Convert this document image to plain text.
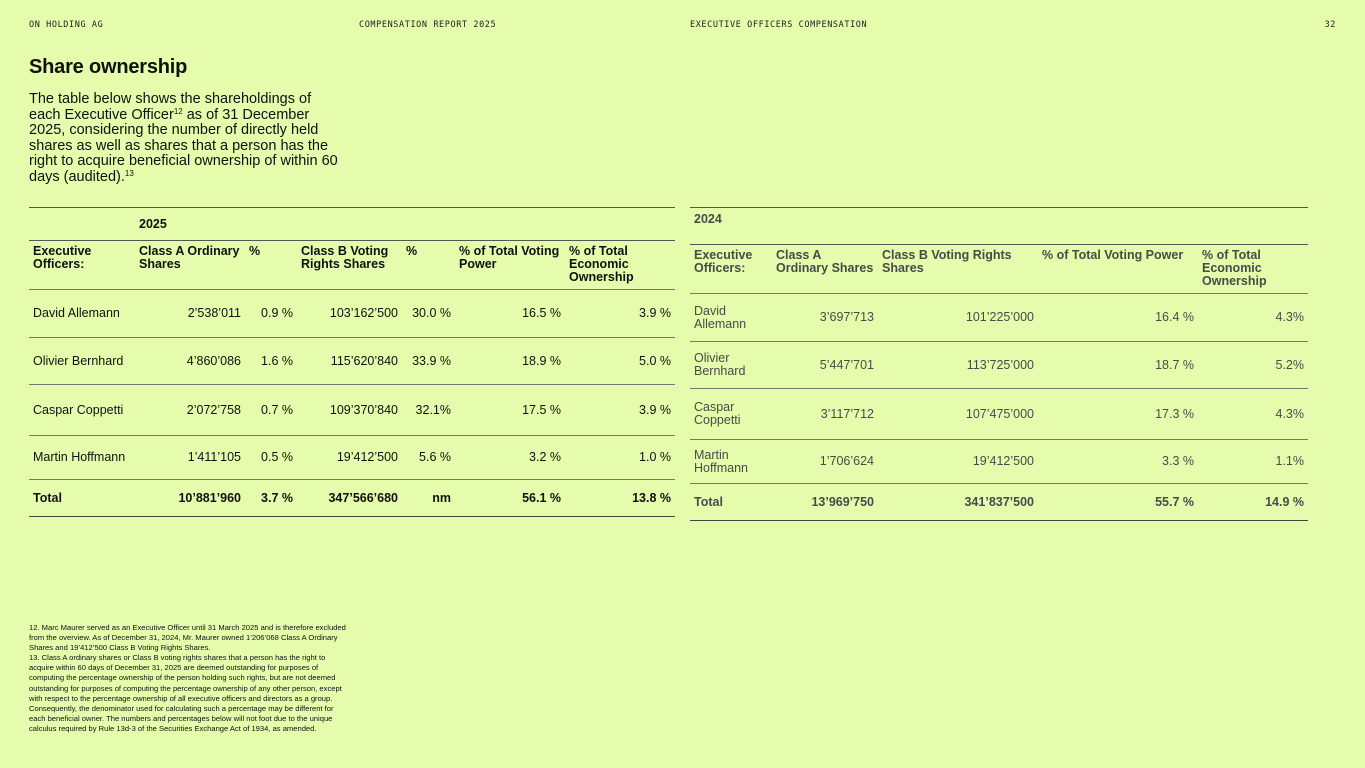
ON HOLDING AG	COMPENSATION REPORT 2025	EXECUTIVE OFFICERS COMPENSATION	32
Share ownership

The table below shows the shareholdings of each Executive Officer$^{12}$ as of 31 December 2025, considering the number of directly held shares as well as shares that a person has the right to acquire beneficial ownership of within 60 days (audited).$^{13}$

	2025					
Executive Officers:	Class A Ordinary Shares	%	Class B Voting Rights Shares	%	% of Total Voting Power	% of Total Economic Ownership
David Allemann	2’538’011	0.9 %	103’162’500	30.0 %	16.5 %	3.9 %
Olivier Bernhard	4’860’086	1.6 %	115’620’840	33.9 %	18.9 %	5.0 %
Caspar Coppetti	2’072’758	0.7 %	109’370’840	32.1%	17.5 %	3.9 %
Martin Hoffmann	1’411’105	0.5 %	19’412’500	5.6 %	3.2 %	1.0 %
Total	10’881’960	3.7 %	347’566’680	nm	56.1 %	13.8 %
2024				
Executive Officers:	Class A Ordinary Shares	Class B Voting Rights Shares	% of Total Voting Power	% of Total Economic Ownership
David Allemann	3’697’713	101’225’000	16.4 %	4.3%
Olivier Bernhard	5’447’701	113’725’000	18.7 %	5.2%
Caspar Coppetti	3’117’712	107’475’000	17.3 %	4.3%
Martin Hoffmann	1’706’624	19’412’500	3.3 %	1.1%
Total	13’969’750	341’837’500	55.7 %	14.9 %

12. Marc Maurer served as an Executive Officer until 31 March 2025 and is therefore excluded from the overview. As of December 31, 2024, Mr. Maurer owned 1’206’068 Class A Ordinary Shares and 19’412’500 Class B Voting Rights Shares.

13. Class A ordinary shares or Class B voting rights shares that a person has the right to acquire within 60 days of December 31, 2025 are deemed outstanding for purposes of computing the percentage ownership of the person holding such rights, but are not deemed outstanding for purposes of computing the percentage ownership of any other person, except with respect to the percentage ownership of all executive officers and directors as a group. Consequently, the denominator used for calculating such a percentage may be different for each beneficial owner. The numbers and percentages below will not foot due to the unique calculus required by Rule 13d-3 of the Securities Exchange Act of 1934, as amended.
